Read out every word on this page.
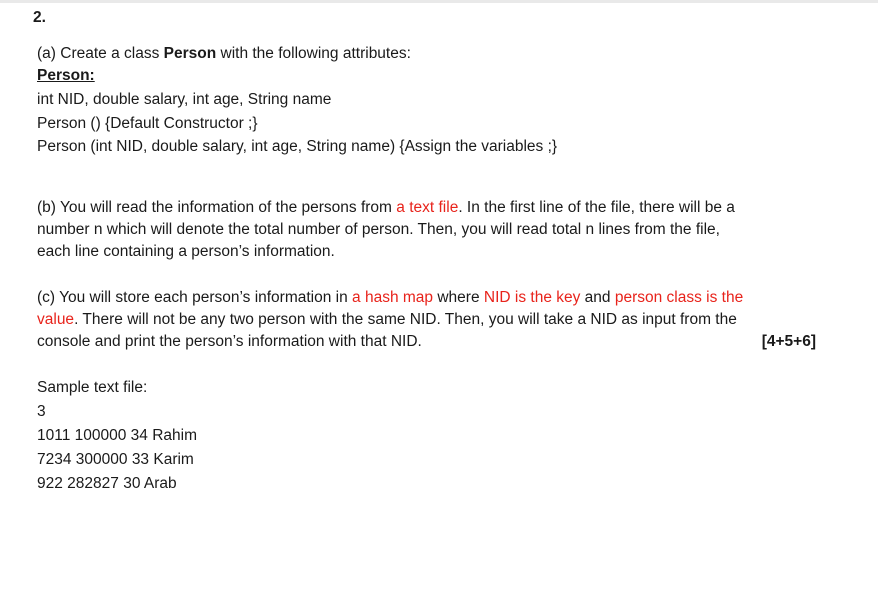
2.
(a) Create a class Person with the following attributes:
Person:
int NID, double salary, int age, String name
Person () {Default Constructor ;}
Person (int NID, double salary, int age, String name) {Assign the variables ;}
(b) You will read the information of the persons from a text file. In the first line of the file, there will be a
number n which will denote the total number of person. Then, you will read total n lines from the file,
each line containing a person’s information.
(c) You will store each person’s information in a hash map where NID is the key and person class is the
value. There will not be any two person with the same NID. Then, you will take a NID as input from the
console and print the person’s information with that NID.	[4+5+6]
Sample text file:
3
1011 100000 34 Rahim
7234 300000 33 Karim
922 282827 30 Arab
